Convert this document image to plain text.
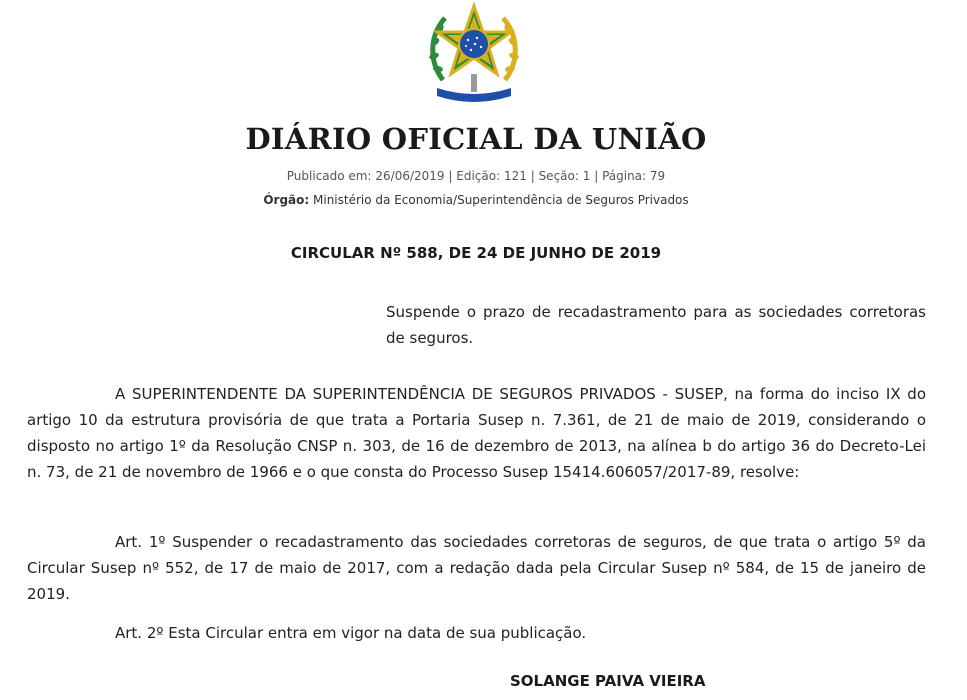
DIÁRIO OFICIAL DA UNIÃO
Publicado em: 26/06/2019 | Edição: 121 | Seção: 1 | Página: 79
Órgão: Ministério da Economia/Superintendência de Seguros Privados
CIRCULAR Nº 588, DE 24 DE JUNHO DE 2019
Suspende o prazo de recadastramento para as sociedades corretoras de seguros.

A SUPERINTENDENTE DA SUPERINTENDÊNCIA DE SEGUROS PRIVADOS - SUSEP, na forma do inciso IX do artigo 10 da estrutura provisória de que trata a Portaria Susep n. 7.361, de 21 de maio de 2019, considerando o disposto no artigo 1º da Resolução CNSP n. 303, de 16 de dezembro de 2013, na alínea b do artigo 36 do Decreto-Lei n. 73, de 21 de novembro de 1966 e o que consta do Processo Susep 15414.606057/2017-89, resolve:

Art. 1º Suspender o recadastramento das sociedades corretoras de seguros, de que trata o artigo 5º da Circular Susep nº 552, de 17 de maio de 2017, com a redação dada pela Circular Susep nº 584, de 15 de janeiro de 2019.

Art. 2º Esta Circular entra em vigor na data de sua publicação.

SOLANGE PAIVA VIEIRA
